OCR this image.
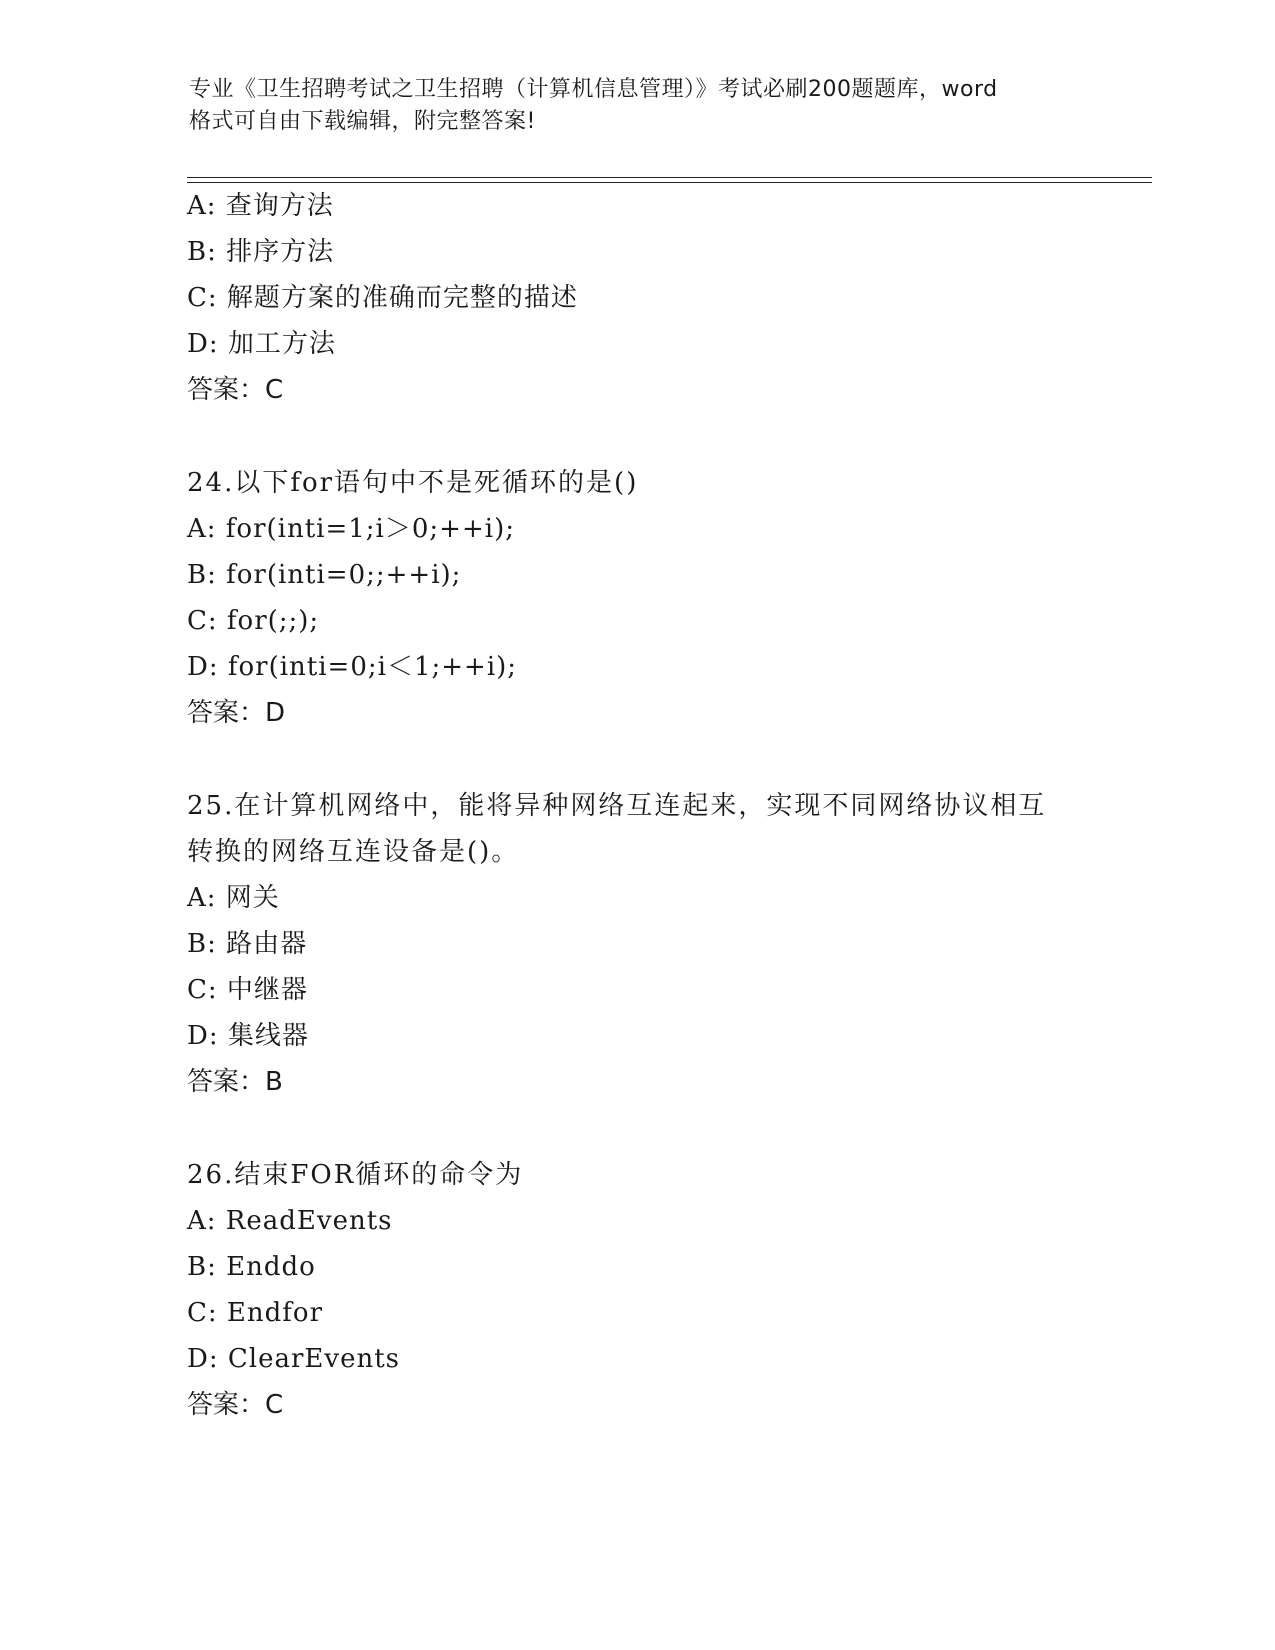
专业《卫生招聘考试之卫生招聘（计算机信息管理）》考试必刷200题题库，word
格式可自由下载编辑，附完整答案!
A: 查询方法
B: 排序方法
C: 解题方案的准确而完整的描述
D: 加工方法
答案：C
24.以下for语句中不是死循环的是()
A: for(inti=1;i＞0;++i);
B: for(inti=0;;++i);
C: for(;;);
D: for(inti=0;i＜1;++i);
答案：D
25.在计算机网络中，能将异种网络互连起来，实现不同网络协议相互
转换的网络互连设备是()。
A: 网关
B: 路由器
C: 中继器
D: 集线器
答案：B
26.结束FOR循环的命令为
A: ReadEvents
B: Enddo
C: Endfor
D: ClearEvents
答案：C
